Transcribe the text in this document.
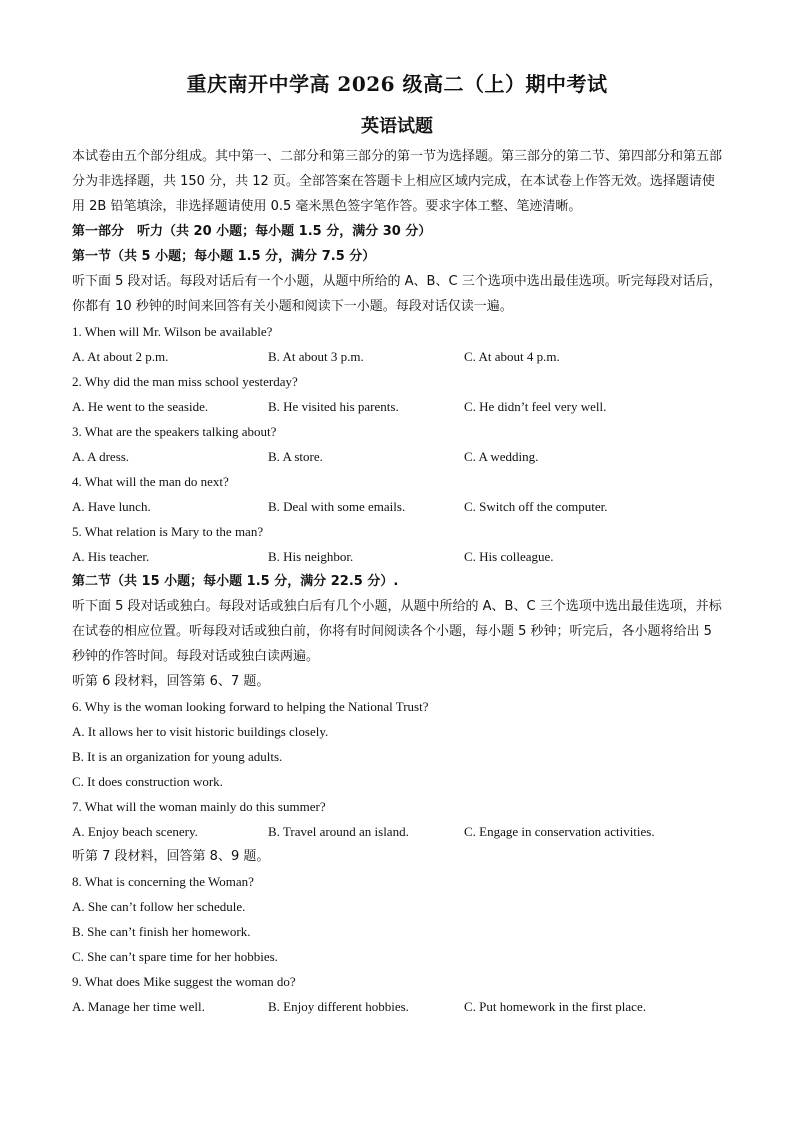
重庆南开中学高 2026 级高二（上）期中考试
英语试题
本试卷由五个部分组成。其中第一、二部分和第三部分的第一节为选择题。第三部分的第二节、第四部分和第五部分为非选择题，共 150 分，共 12 页。全部答案在答题卡上相应区域内完成，在本试卷上作答无效。选择题请使用 2B 铅笔填涂，非选择题请使用 0.5 毫米黑色签字笔作答。要求字体工整、笔迹清晰。
第一部分　听力（共 20 小题；每小题 1.5 分，满分 30 分）
第一节（共 5 小题；每小题 1.5 分，满分 7.5 分）
听下面 5 段对话。每段对话后有一个小题，从题中所给的 A、B、C 三个选项中选出最佳选项。听完每段对话后，你都有 10 秒钟的时间来回答有关小题和阅读下一小题。每段对话仅读一遍。
1. When will Mr. Wilson be available?
A. At about 2 p.m.	B. At about 3 p.m.	C. At about 4 p.m.
2. Why did the man miss school yesterday?
A. He went to the seaside.	B. He visited his parents.	C. He didn’t feel very well.
3. What are the speakers talking about?
A. A dress.	B. A store.	C. A wedding.
4. What will the man do next?
A. Have lunch.	B. Deal with some emails.	C. Switch off the computer.
5. What relation is Mary to the man?
A. His teacher.	B. His neighbor.	C. His colleague.
第二节（共 15 小题；每小题 1.5 分，满分 22.5 分）.
听下面 5 段对话或独白。每段对话或独白后有几个小题，从题中所给的 A、B、C 三个选项中选出最佳选项，并标在试卷的相应位置。听每段对话或独白前，你将有时间阅读各个小题，每小题 5 秒钟；听完后，各小题将给出 5 秒钟的作答时间。每段对话或独白读两遍。
听第 6 段材料，回答第 6、7 题。
6. Why is the woman looking forward to helping the National Trust?
A. It allows her to visit historic buildings closely.
B. It is an organization for young adults.
C. It does construction work.
7. What will the woman mainly do this summer?
A. Enjoy beach scenery.	B. Travel around an island.	C. Engage in conservation activities.
听第 7 段材料，回答第 8、9 题。
8. What is concerning the Woman?
A. She can’t follow her schedule.
B. She can’t finish her homework.
C. She can’t spare time for her hobbies.
9. What does Mike suggest the woman do?
A. Manage her time well.	B. Enjoy different hobbies.	C. Put homework in the first place.
